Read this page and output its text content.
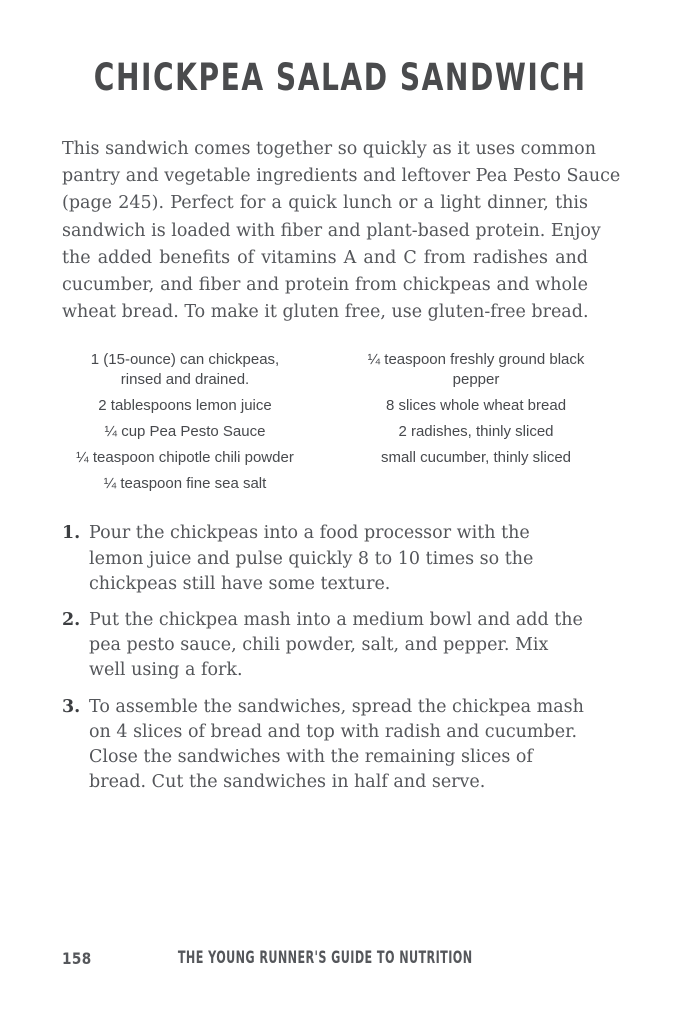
CHICKPEA SALAD SANDWICH
This sandwich comes together so quickly as it uses common
pantry and vegetable ingredients and leftover Pea Pesto Sauce
(page 245). Perfect for a quick lunch or a light dinner, this
sandwich is loaded with fiber and plant-based protein. Enjoy
the added benefits of vitamins A and C from radishes and
cucumber, and fiber and protein from chickpeas and whole
wheat bread. To make it gluten free, use gluten-free bread.
1 (15-ounce) can chickpeas, rinsed and drained.
2 tablespoons lemon juice
¼ cup Pea Pesto Sauce
¼ teaspoon chipotle chili powder
¼ teaspoon fine sea salt
¼ teaspoon freshly ground black pepper
8 slices whole wheat bread
2 radishes, thinly sliced
small cucumber, thinly sliced
1. Pour the chickpeas into a food processor with the lemon juice and pulse quickly 8 to 10 times so the chickpeas still have some texture.
2. Put the chickpea mash into a medium bowl and add the pea pesto sauce, chili powder, salt, and pepper. Mix well using a fork.
3. To assemble the sandwiches, spread the chickpea mash on 4 slices of bread and top with radish and cucumber. Close the sandwiches with the remaining slices of bread. Cut the sandwiches in half and serve.
158	THE YOUNG RUNNER'S GUIDE TO NUTRITION
